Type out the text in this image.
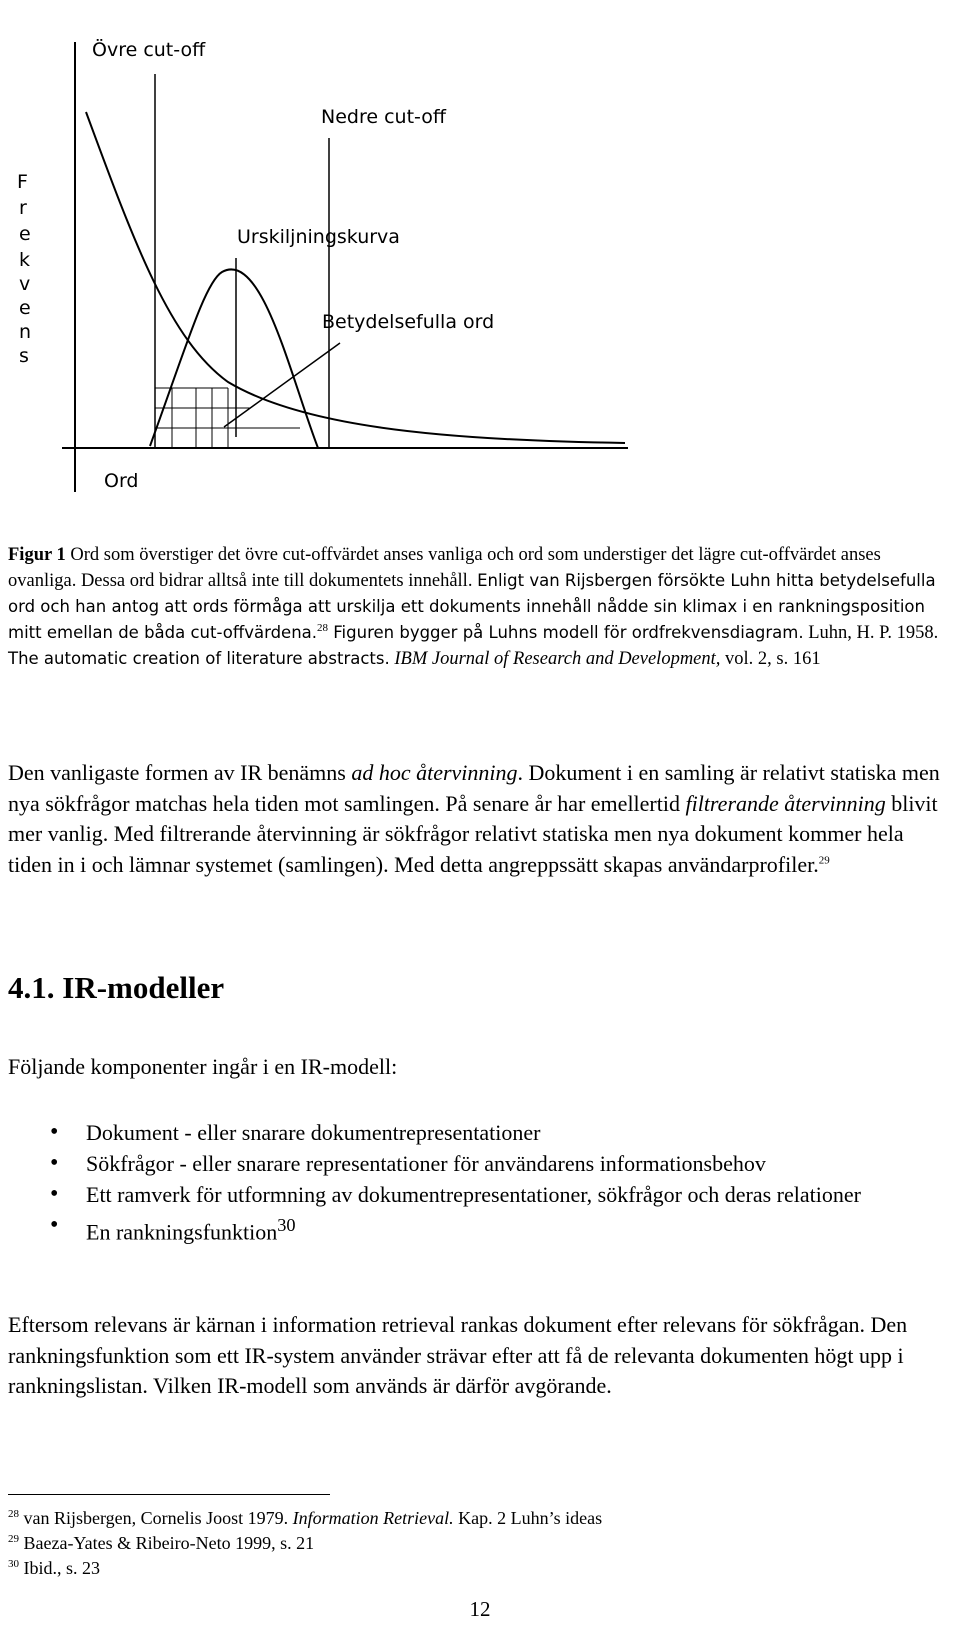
Övre cut-off
Nedre cut-off
Urskiljningskurva
Betydelsefulla ord
Ord
F
r
e
k
v
e
n
s
Figur 1 Ord som överstiger det övre cut-offvärdet anses vanliga och ord som understiger det lägre cut-offvärdet anses ovanliga. Dessa ord bidrar alltså inte till dokumentets innehåll. Enligt van Rijsbergen försökte Luhn hitta betydelsefulla ord och han antog att ords förmåga att urskilja ett dokuments innehåll nådde sin klimax i en rankningsposition mitt emellan de båda cut-offvärdena.$^{28}$ Figuren bygger på Luhns modell för ordfrekvensdiagram. Luhn, H. P. 1958. The automatic creation of literature abstracts. IBM Journal of Research and Development, vol. 2, s. 161
Den vanligaste formen av IR benämns ad hoc återvinning. Dokument i en samling är relativt statiska men nya sökfrågor matchas hela tiden mot samlingen. På senare år har emellertid filtrerande återvinning blivit mer vanlig. Med filtrerande återvinning är sökfrågor relativt statiska men nya dokument kommer hela tiden in i och lämnar systemet (samlingen). Med detta angreppssätt skapas användarprofiler.$^{29}$
4.1. IR-modeller
Följande komponenter ingår i en IR-modell:
• Dokument - eller snarare dokumentrepresentationer
• Sökfrågor - eller snarare representationer för användarens informationsbehov
• Ett ramverk för utformning av dokumentrepresentationer, sökfrågor och deras relationer
• En rankningsfunktion$^{30}$
Eftersom relevans är kärnan i information retrieval rankas dokument efter relevans för sökfrågan. Den rankningsfunktion som ett IR-system använder strävar efter att få de relevanta dokumenten högt upp i rankningslistan. Vilken IR-modell som används är därför avgörande.
$^{28}$ van Rijsbergen, Cornelis Joost 1979. Information Retrieval. Kap. 2 Luhn’s ideas
$^{29}$ Baeza-Yates & Ribeiro-Neto 1999, s. 21
$^{30}$ Ibid., s. 23
12
